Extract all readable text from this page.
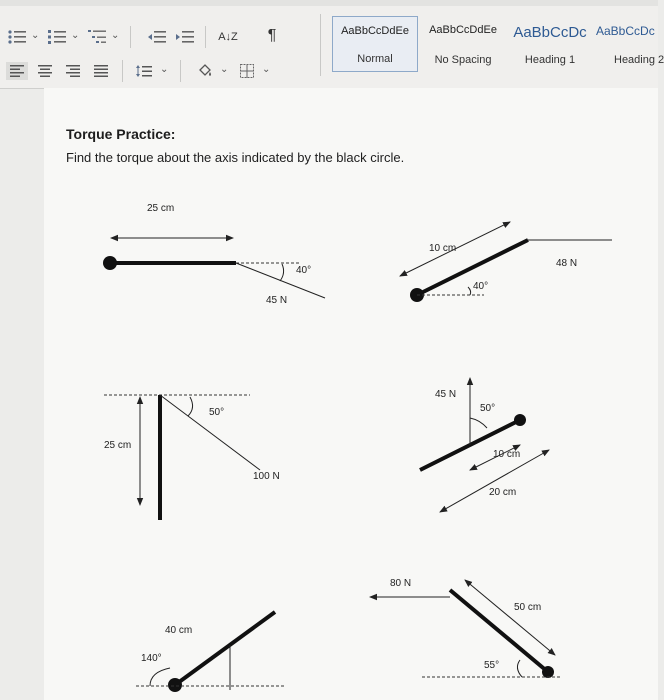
⌄	⌄	⌄	A↓Z ¶
⌄	⌄	⌄
AaBbCcDdEe
Normal
AaBbCcDdEe
No Spacing
AaBbCcDc
Heading 1
AaBbCcDc
Heading 2
Torque Practice:
Find the torque about the axis indicated by the black circle.
25 cm
40°
45 N
10 cm
48 N
40°
25 cm
50°
100 N
45 N
50°
10 cm
20 cm
40 cm
140°
80 N
50 cm
55°
